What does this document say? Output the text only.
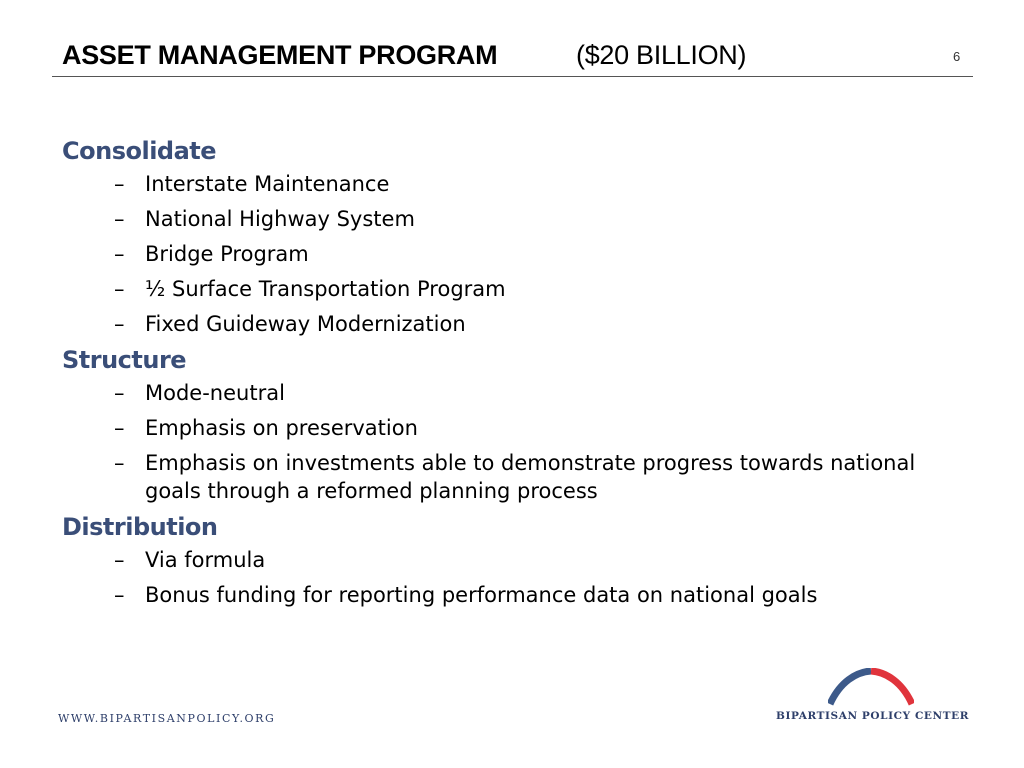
ASSET MANAGEMENT PROGRAM	($20 BILLION)	6
Consolidate
– Interstate Maintenance
– National Highway System
– Bridge Program
– ½ Surface Transportation Program
– Fixed Guideway Modernization
Structure
– Mode-neutral
– Emphasis on preservation
– Emphasis on investments able to demonstrate progress towards national goals through a reformed planning process
Distribution
– Via formula
– Bonus funding for reporting performance data on national goals
WWW.BIPARTISANPOLICY.ORG	BIPARTISAN POLICY CENTER
